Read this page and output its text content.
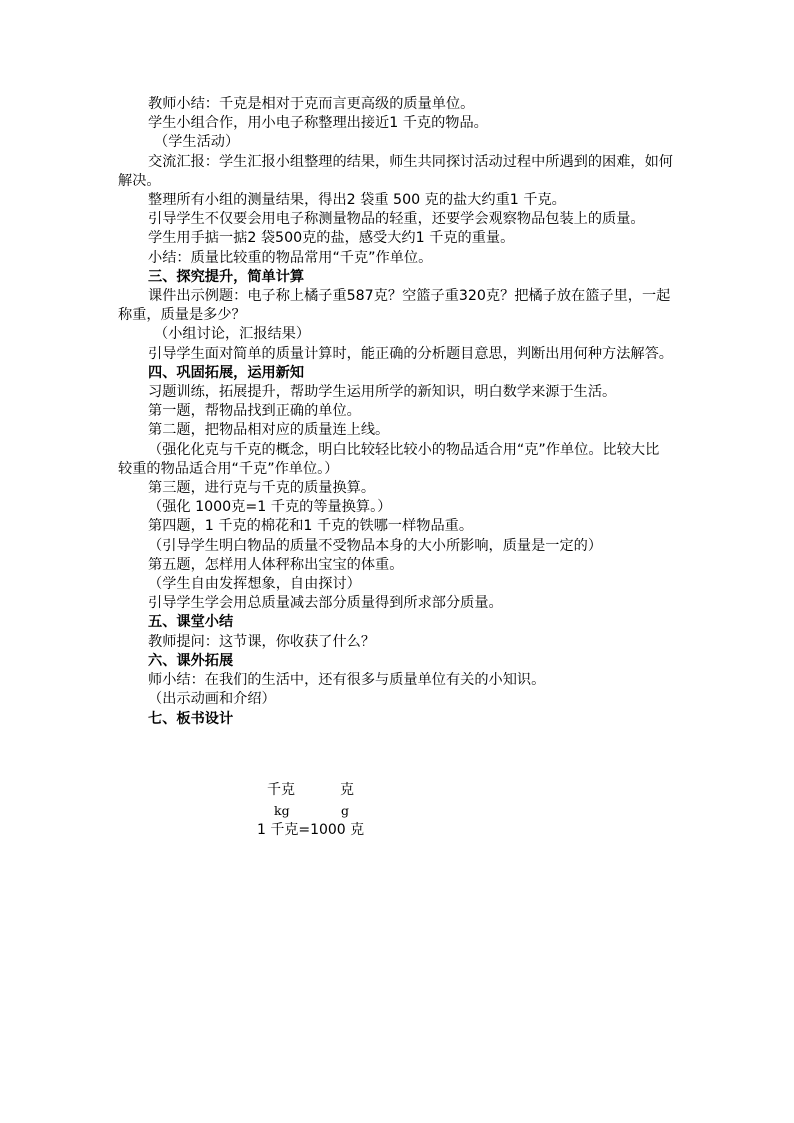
教师小结：千克是相对于克而言更高级的质量单位。

学生小组合作，用小电子称整理出接近1 千克的物品。

（学生活动）

交流汇报：学生汇报小组整理的结果，师生共同探讨活动过程中所遇到的困难，如何解决。

整理所有小组的测量结果，得出2 袋重 500 克的盐大约重1 千克。

引导学生不仅要会用电子称测量物品的轻重，还要学会观察物品包装上的质量。

学生用手掂一掂2 袋500克的盐，感受大约1 千克的重量。

小结：质量比较重的物品常用“千克”作单位。

三、探究提升，简单计算

课件出示例题：电子称上橘子重587克？空篮子重320克？把橘子放在篮子里，一起称重，质量是多少？

（小组讨论，汇报结果）

引导学生面对简单的质量计算时，能正确的分析题目意思，判断出用何种方法解答。

四、巩固拓展，运用新知

习题训练，拓展提升，帮助学生运用所学的新知识，明白数学来源于生活。

第一题，帮物品找到正确的单位。

第二题，把物品相对应的质量连上线。

（强化化克与千克的概念，明白比较轻比较小的物品适合用“克”作单位。比较大比较重的物品适合用“千克”作单位。）

第三题，进行克与千克的质量换算。

（强化 1000克=1 千克的等量换算。）

第四题，1 千克的棉花和1 千克的铁哪一样物品重。

（引导学生明白物品的质量不受物品本身的大小所影响，质量是一定的）

第五题，怎样用人体秤称出宝宝的体重。

（学生自由发挥想象，自由探讨）

引导学生学会用总质量减去部分质量得到所求部分质量。

五、课堂小结

教师提问：这节课，你收获了什么？

六、课外拓展

师小结：在我们的生活中，还有很多与质量单位有关的小知识。

（出示动画和介绍）

七、板书设计

千克	克
kg	g
1 千克=1000 克
